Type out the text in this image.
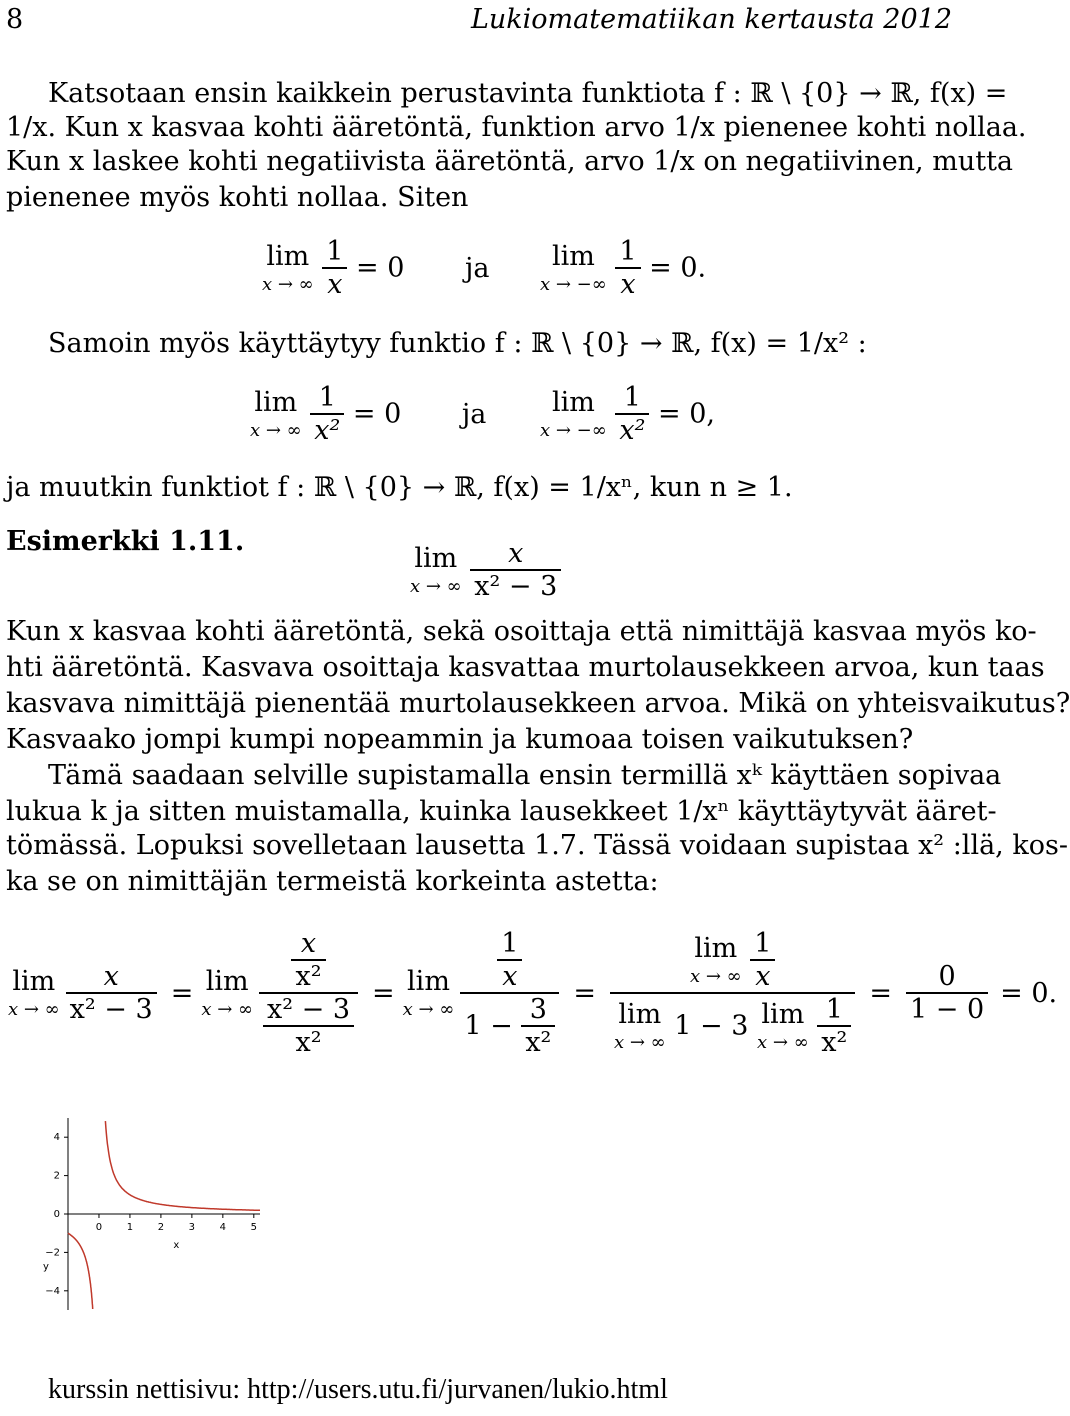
8	Lukiomatematiikan kertausta 2012
Katsotaan ensin kaikkein perustavinta funktiota f : ℝ \ {0} → ℝ, f(x) =
1/x. Kun x kasvaa kohti ääretöntä, funktion arvo 1/x pienenee kohti nollaa.
Kun x laskee kohti negatiivista ääretöntä, arvo 1/x on negatiivinen, mutta
pienenee myös kohti nollaa. Siten
lim
x → ∞
$\frac{1}{x} = 0$ ja	lim
x → −∞
$\frac{1}{x} = 0$.
Samoin myös käyttäytyy funktio f : ℝ \ {0} → ℝ, f(x) = 1/x² :
lim
x → ∞
$\frac{1}{\text{x²}} = 0$ ja	lim
x → −∞
$\frac{1}{\text{x²}} = 0$,
ja muutkin funktiot f : ℝ \ {0} → ℝ, f(x) = 1/xⁿ, kun n ≥ 1.
Esimerkki 1.11.
lim
x → ∞
$\frac{x}{\text{x² − 3}}$
Kun x kasvaa kohti ääretöntä, sekä osoittaja että nimittäjä kasvaa myös ko-
hti ääretöntä. Kasvava osoittaja kasvattaa murtolausekkeen arvoa, kun taas
kasvava nimittäjä pienentää murtolausekkeen arvoa. Mikä on yhteisvaikutus?
Kasvaako jompi kumpi nopeammin ja kumoaa toisen vaikutuksen?
Tämä saadaan selville supistamalla ensin termillä xᵏ käyttäen sopivaa
lukua k ja sitten muistamalla, kuinka lausekkeet 1/xⁿ käyttäytyvät ääret-
tömässä. Lopuksi sovelletaan lausetta 1.7. Tässä voidaan supistaa x² :llä, kos-
ka se on nimittäjän termeistä korkeinta astetta:
lim
x → ∞ $\frac{x}{\text{x² − 3}} = \lim$
x → ∞ $\frac{\frac{x}{\text{x²}}}{\frac{\text{x² − 3}}{\text{x²}}} = \lim$
x → ∞ $\frac{\frac{1}{x}}{1 - \frac{3}{\text{x²}}} = \lim$
x → ∞
$\frac{1}{x}$
lim
x → ∞
1 − 3 lim
x → ∞
$\frac{1}{\text{x²}} = \frac{0}{1 - 0} = 0$.
4
2
0
−2
−4
0 1 2 3 4 5
x
y
kurssin nettisivu: http://users.utu.fi/jurvanen/lukio.html
